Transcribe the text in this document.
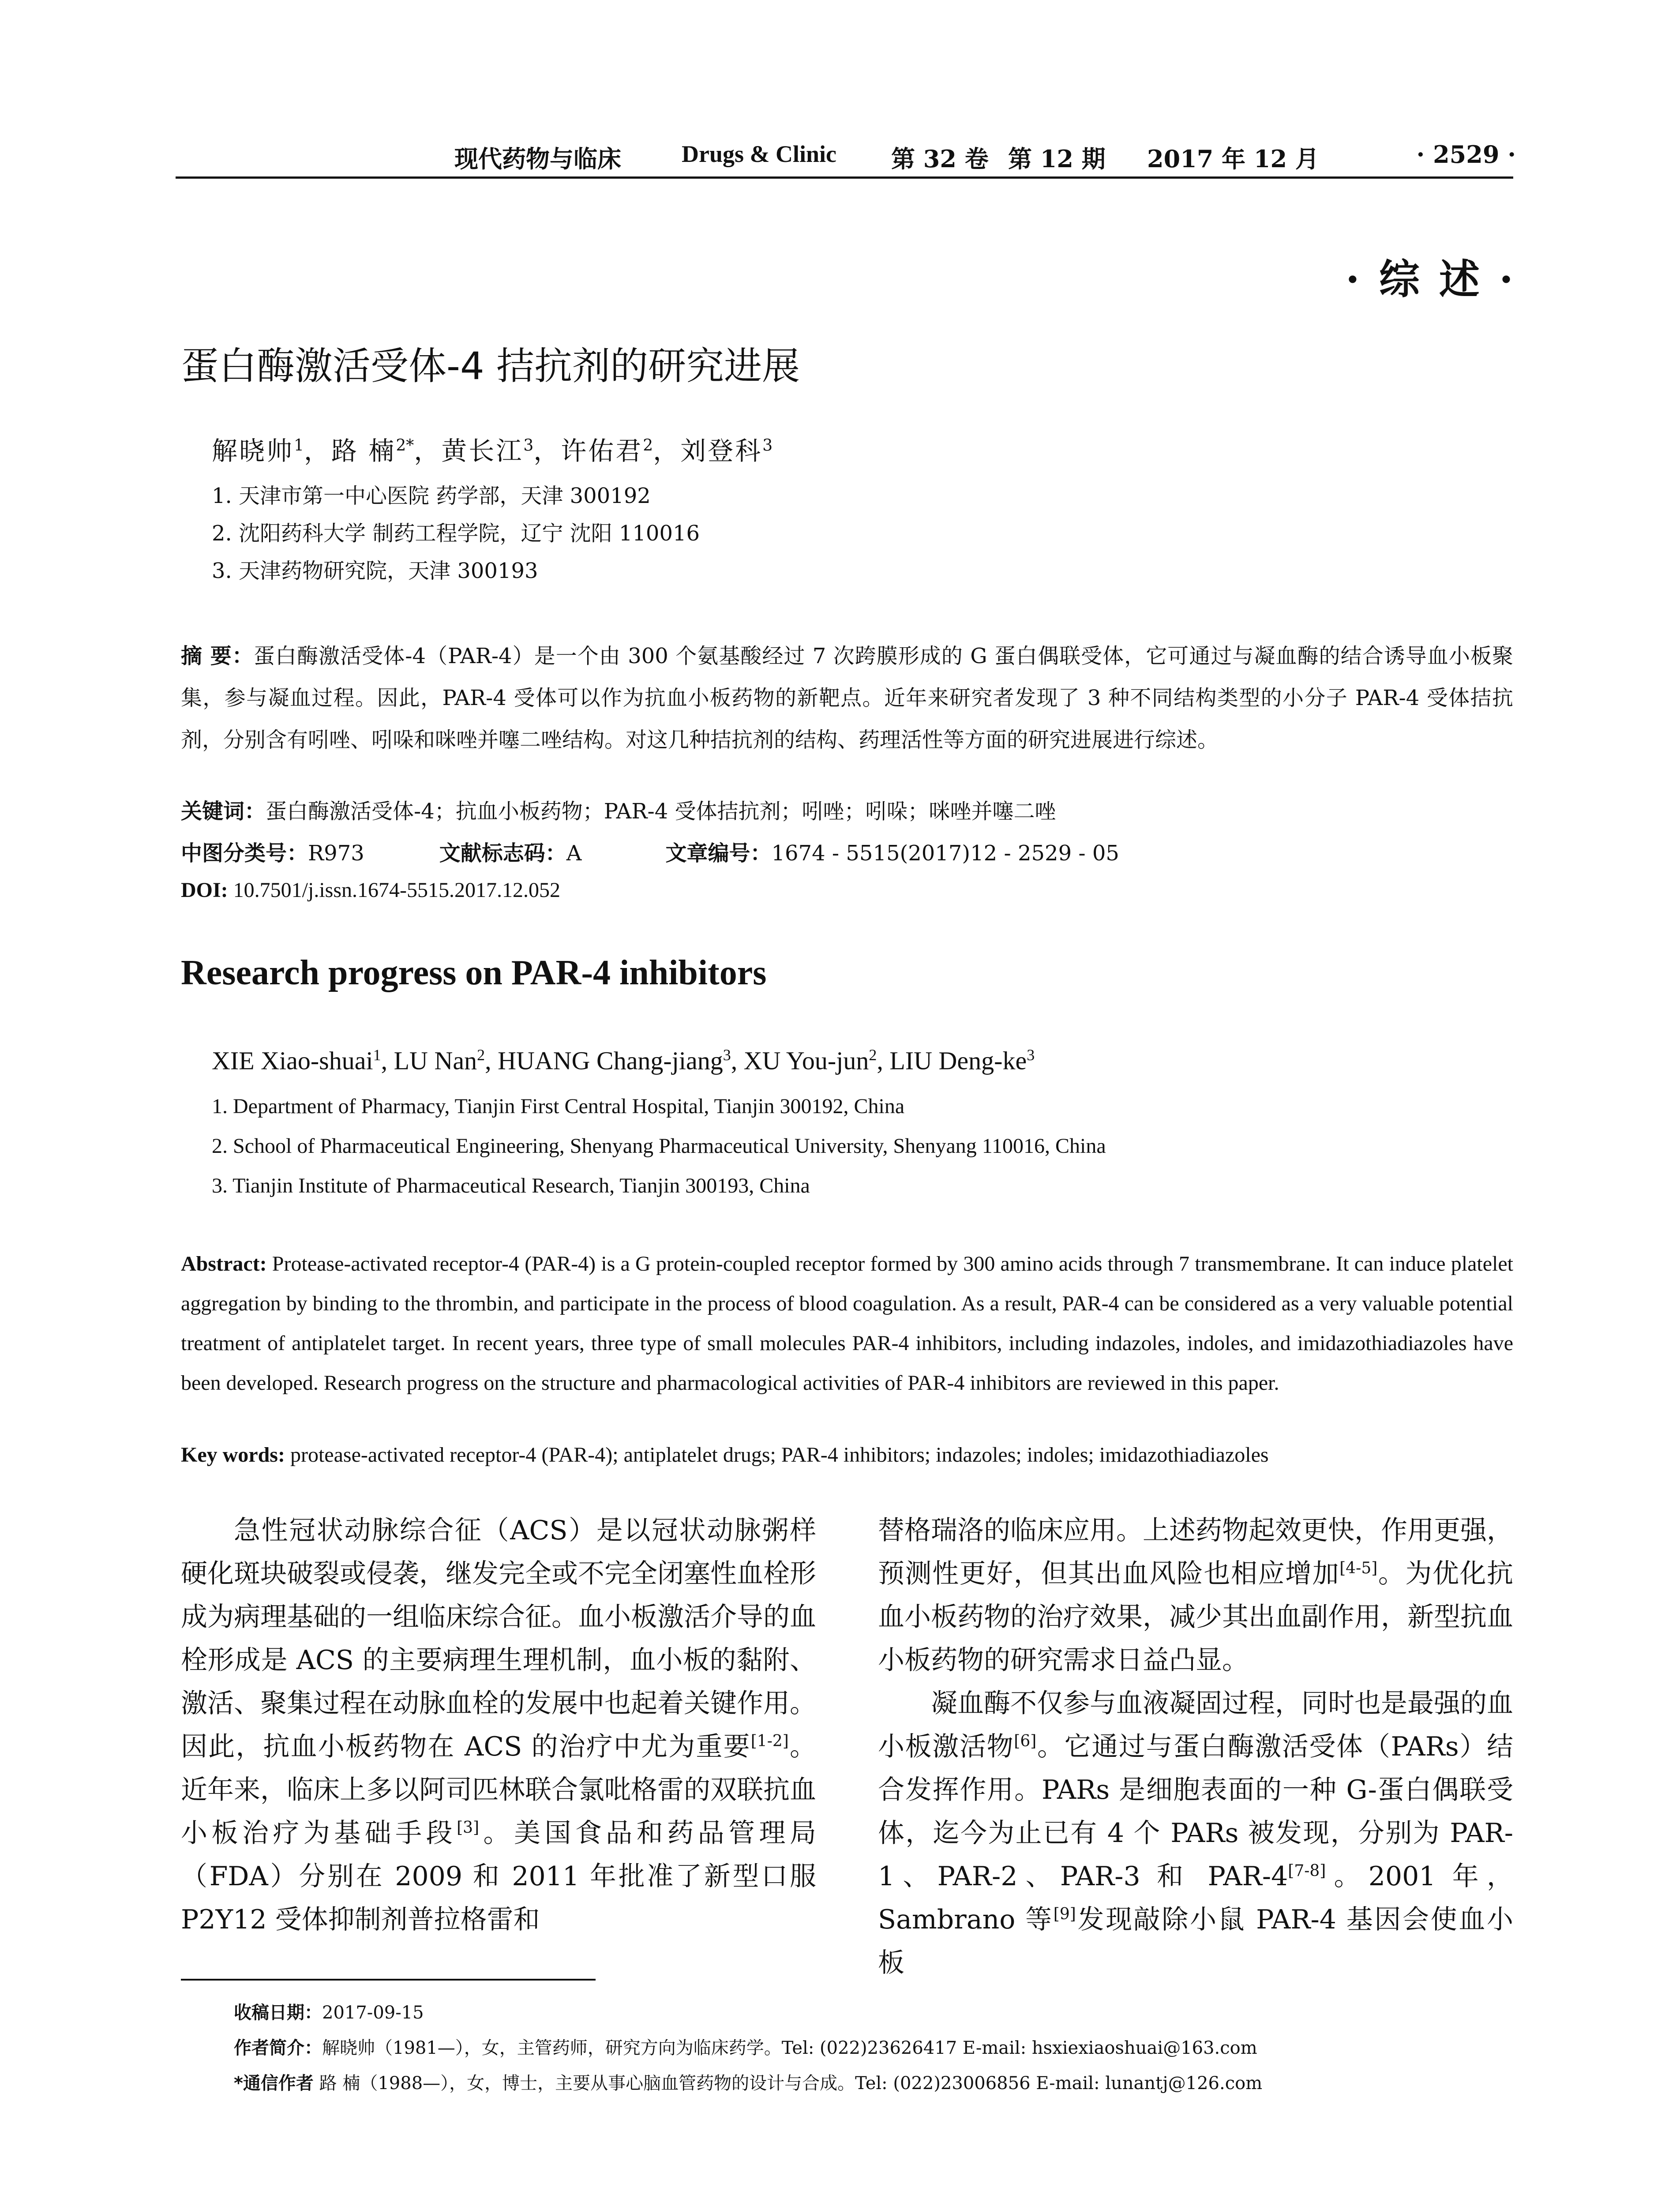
现代药物与临床	Drugs & Clinic 第 32 卷 第 12 期 2017 年 12 月	· 2529 ·
· 综 述 ·
蛋白酶激活受体-4 拮抗剂的研究进展
解晓帅$^1$，路 楠$^{2*}$，黄长江$^3$，许佑君$^2$，刘登科$^3$
1. 天津市第一中心医院 药学部，天津 300192
2. 沈阳药科大学 制药工程学院，辽宁 沈阳 110016
3. 天津药物研究院，天津 300193
摘 要：蛋白酶激活受体-4（PAR-4）是一个由 300 个氨基酸经过 7 次跨膜形成的 G 蛋白偶联受体，它可通过与凝血酶的结合诱导血小板聚集，参与凝血过程。因此，PAR-4 受体可以作为抗血小板药物的新靶点。近年来研究者发现了 3 种不同结构类型的小分子 PAR-4 受体拮抗剂，分别含有吲唑、吲哚和咪唑并噻二唑结构。对这几种拮抗剂的结构、药理活性等方面的研究进展进行综述。
关键词：蛋白酶激活受体-4；抗血小板药物；PAR-4 受体拮抗剂；吲唑；吲哚；咪唑并噻二唑
中图分类号：R973	文献标志码：A	文章编号：1674 - 5515(2017)12 - 2529 - 05
DOI: 10.7501/j.issn.1674-5515.2017.12.052
Research progress on PAR-4 inhibitors
XIE Xiao-shuai$^1$, LU Nan$^2$, HUANG Chang-jiang$^3$, XU You-jun$^2$, LIU Deng-$ke^3$
1. Department of Pharmacy, Tianjin First Central Hospital, Tianjin 300192, China
2. School of Pharmaceutical Engineering, Shenyang Pharmaceutical University, Shenyang 110016, China
3. Tianjin Institute of Pharmaceutical Research, Tianjin 300193, China
Abstract: Protease-activated receptor-4 (PAR-4) is a G protein-coupled receptor formed by 300 amino acids through 7 transmembrane. It can induce platelet aggregation by binding to the thrombin, and participate in the process of blood coagulation. As a result, PAR-4 can be considered as a very valuable potential treatment of antiplatelet target. In recent years, three type of small molecules PAR-4 inhibitors, including indazoles, indoles, and imidazothiadiazoles have been developed. Research progress on the structure and pharmacological activities of PAR-4 inhibitors are reviewed in this paper.
Key words: protease-activated receptor-4 (PAR-4); antiplatelet drugs; PAR-4 inhibitors; indazoles; indoles; imidazothiadiazoles

急性冠状动脉综合征（ACS）是以冠状动脉粥样硬化斑块破裂或侵袭，继发完全或不完全闭塞性血栓形成为病理基础的一组临床综合征。血小板激活介导的血栓形成是 ACS 的主要病理生理机制，血小板的黏附、激活、聚集过程在动脉血栓的发展中也起着关键作用。因此，抗血小板药物在 ACS 的治疗中尤为重要[1-2]。近年来，临床上多以阿司匹林联合氯吡格雷的双联抗血小板治疗为基础手段[3]。美国食品和药品管理局（FDA）分别在 2009 和 2011 年批准了新型口服 P2Y12 受体抑制剂普拉格雷和

替格瑞洛的临床应用。上述药物起效更快，作用更强，预测性更好，但其出血风险也相应增加[4-5]。为优化抗血小板药物的治疗效果，减少其出血副作用，新型抗血小板药物的研究需求日益凸显。

凝血酶不仅参与血液凝固过程，同时也是最强的血小板激活物[6]。它通过与蛋白酶激活受体（PARs）结合发挥作用。PARs 是细胞表面的一种 G-蛋白偶联受体，迄今为止已有 4 个 PARs 被发现，分别为 PAR-1、PAR-2、PAR-3 和 PAR-4[7-8]。2001 年，Sambrano 等[9]发现敲除小鼠 PAR-4 基因会使血小板

收稿日期：2017-09-15
作者简介：解晓帅（1981—），女，主管药师，研究方向为临床药学。Tel: (022)23626417 E-mail: hsxiexiaoshuai@163.com
*通信作者 路 楠（1988—），女，博士，主要从事心脑血管药物的设计与合成。Tel: (022)23006856 E-mail: lunantj@126.com
